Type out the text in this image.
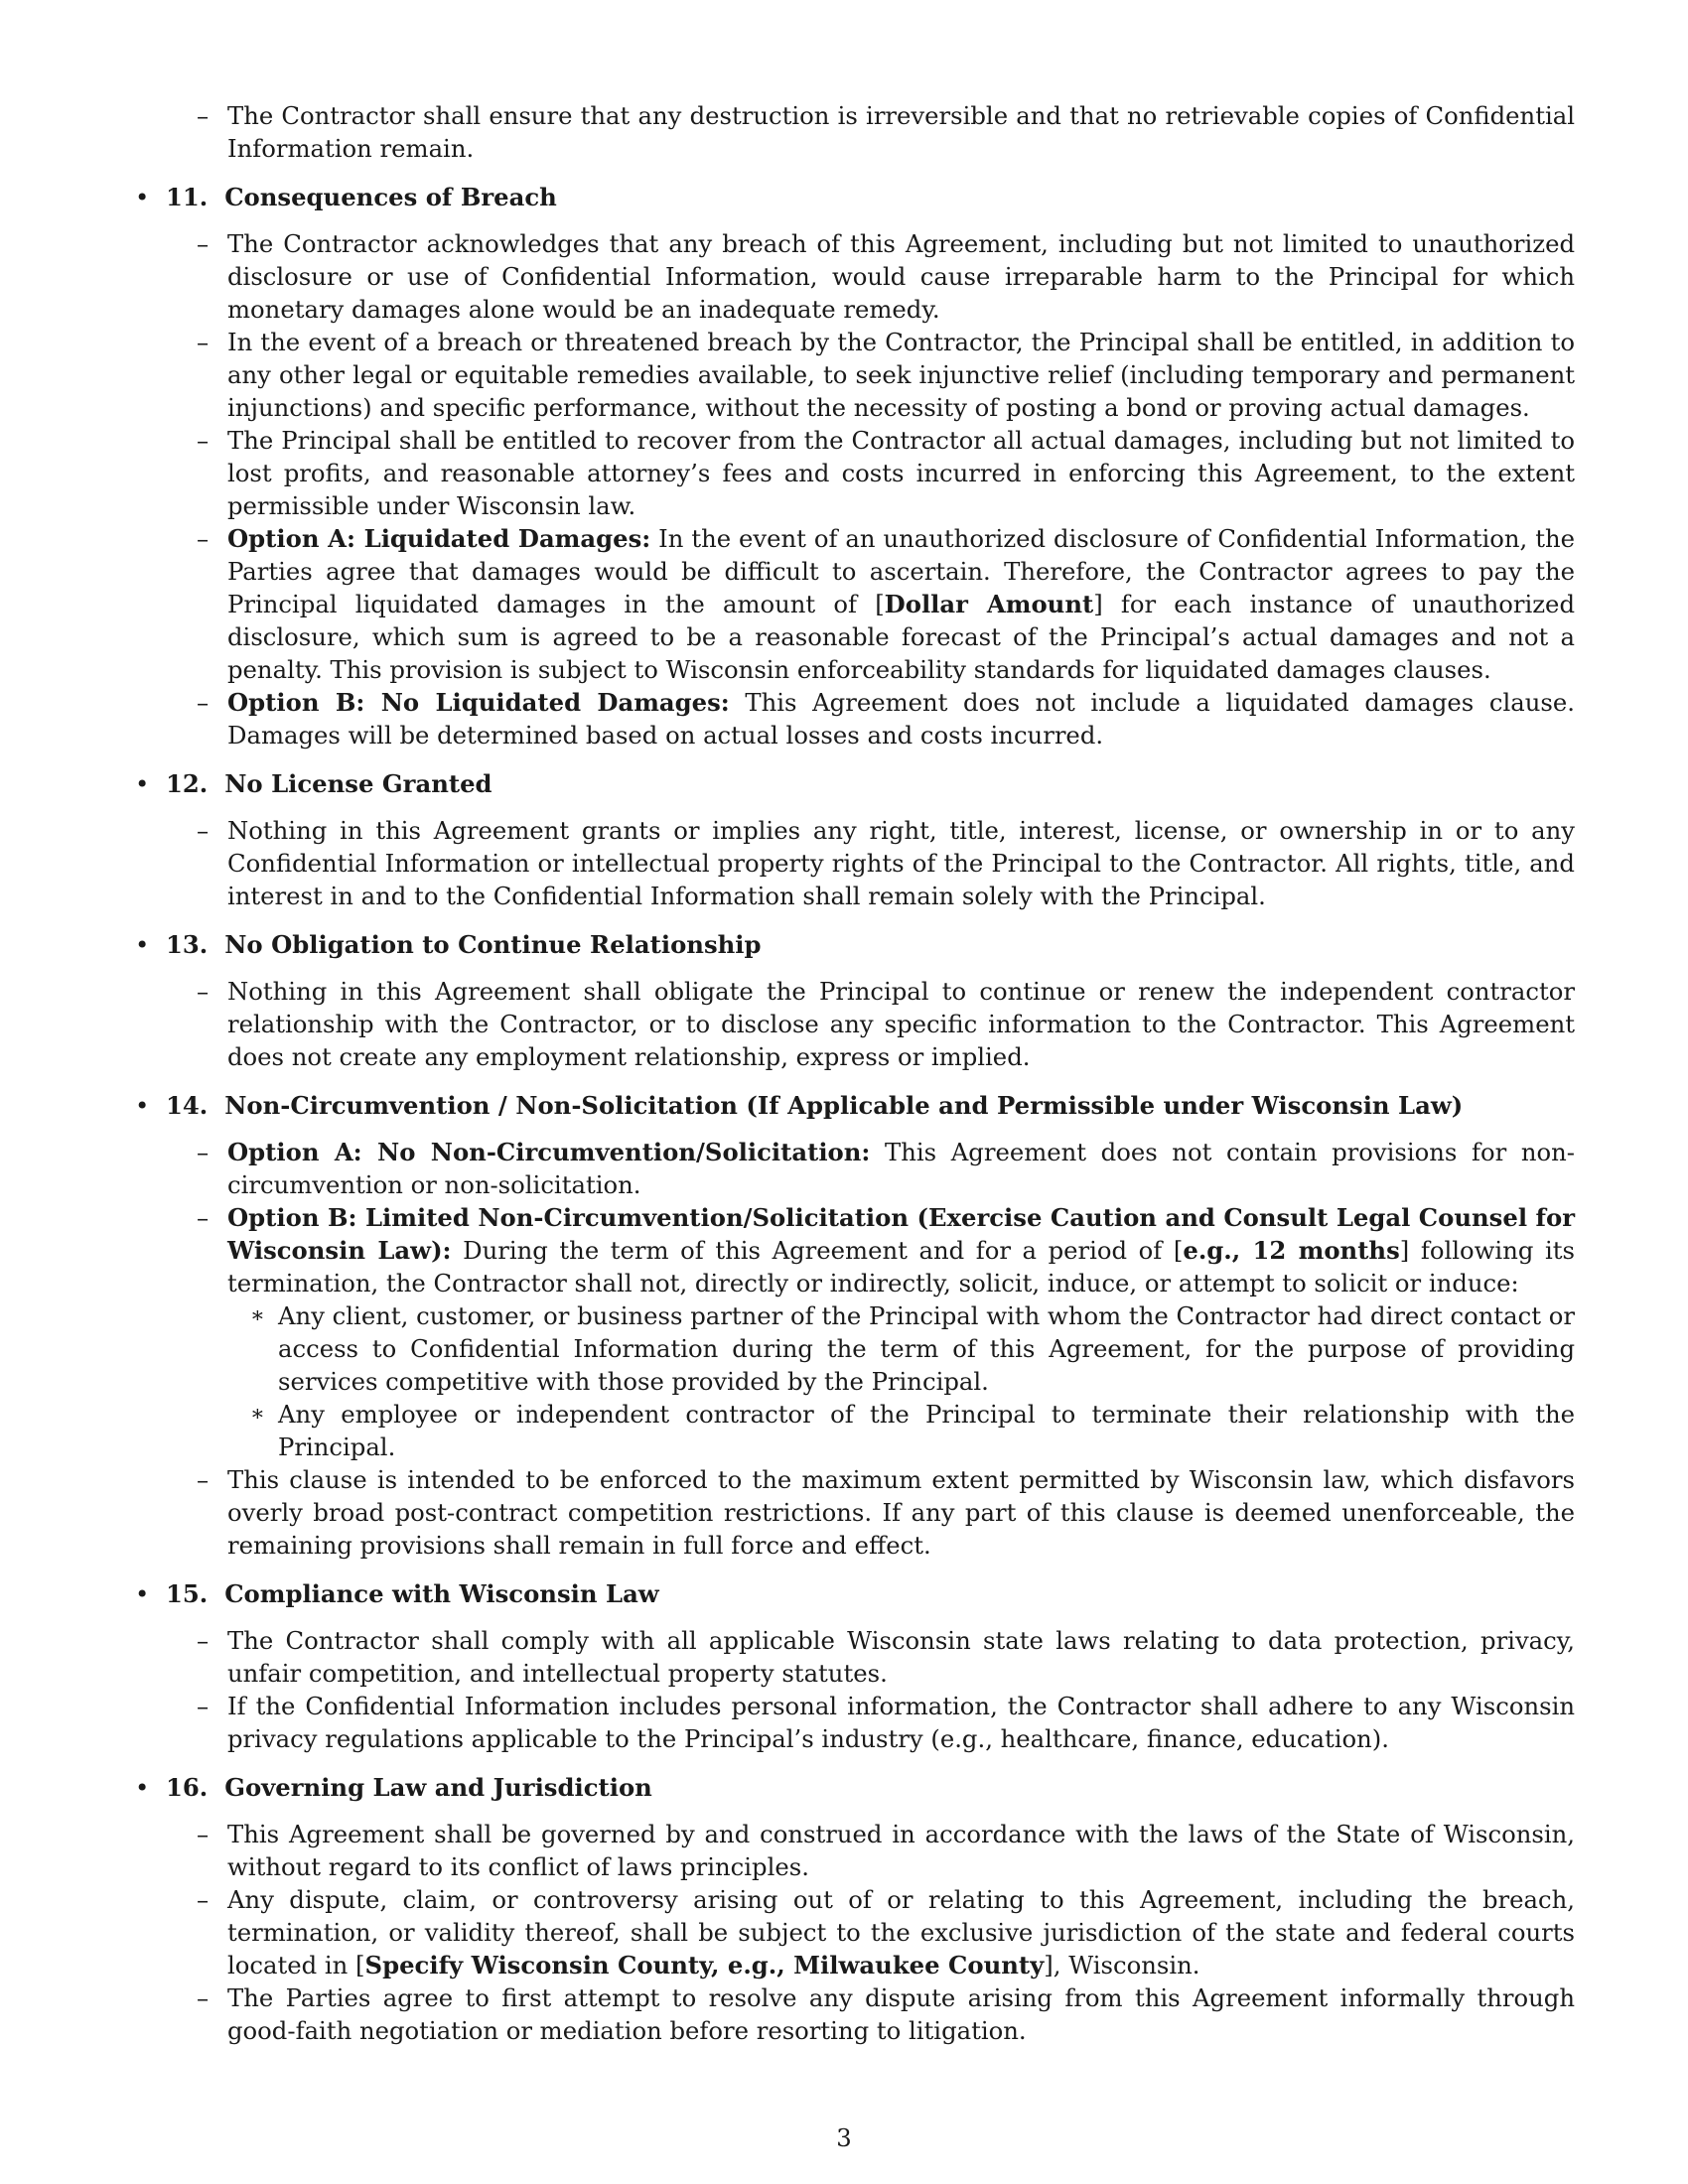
– The Contractor shall ensure that any destruction is irreversible and that no retrievable copies of Confidential Information remain.
• 11. Consequences of Breach
– The Contractor acknowledges that any breach of this Agreement, including but not limited to unauthorized disclosure or use of Confidential Information, would cause irreparable harm to the Principal for which monetary damages alone would be an inadequate remedy.
– In the event of a breach or threatened breach by the Contractor, the Principal shall be entitled, in addition to any other legal or equitable remedies available, to seek injunctive relief (including temporary and permanent injunctions) and specific performance, without the necessity of posting a bond or proving actual damages.
– The Principal shall be entitled to recover from the Contractor all actual damages, including but not limited to lost profits, and reasonable attorney’s fees and costs incurred in enforcing this Agreement, to the extent permissible under Wisconsin law.
– Option A: Liquidated Damages: In the event of an unauthorized disclosure of Confidential Information, the Parties agree that damages would be difficult to ascertain. Therefore, the Contractor agrees to pay the Principal liquidated damages in the amount of [Dollar Amount] for each instance of unauthorized disclosure, which sum is agreed to be a reasonable forecast of the Principal’s actual damages and not a penalty. This provision is subject to Wisconsin enforceability standards for liquidated damages clauses.
– Option B: No Liquidated Damages: This Agreement does not include a liquidated damages clause. Damages will be determined based on actual losses and costs incurred.
• 12. No License Granted
– Nothing in this Agreement grants or implies any right, title, interest, license, or ownership in or to any Confidential Information or intellectual property rights of the Principal to the Contractor. All rights, title, and interest in and to the Confidential Information shall remain solely with the Principal.
• 13. No Obligation to Continue Relationship
– Nothing in this Agreement shall obligate the Principal to continue or renew the independent contractor relationship with the Contractor, or to disclose any specific information to the Contractor. This Agreement does not create any employment relationship, express or implied.
• 14. Non-Circumvention / Non-Solicitation (If Applicable and Permissible under Wisconsin Law)
– Option A: No Non-Circumvention/Solicitation: This Agreement does not contain provisions for non-circumvention or non-solicitation.
– Option B: Limited Non-Circumvention/Solicitation (Exercise Caution and Consult Legal Counsel for Wisconsin Law): During the term of this Agreement and for a period of [e.g., 12 months] following its termination, the Contractor shall not, directly or indirectly, solicit, induce, or attempt to solicit or induce:
∗ Any client, customer, or business partner of the Principal with whom the Contractor had direct contact or access to Confidential Information during the term of this Agreement, for the purpose of providing services competitive with those provided by the Principal.
∗ Any employee or independent contractor of the Principal to terminate their relationship with the Principal.
– This clause is intended to be enforced to the maximum extent permitted by Wisconsin law, which disfavors overly broad post-contract competition restrictions. If any part of this clause is deemed unenforceable, the remaining provisions shall remain in full force and effect.
• 15. Compliance with Wisconsin Law
– The Contractor shall comply with all applicable Wisconsin state laws relating to data protection, privacy, unfair competition, and intellectual property statutes.
– If the Confidential Information includes personal information, the Contractor shall adhere to any Wisconsin privacy regulations applicable to the Principal’s industry (e.g., healthcare, finance, education).
• 16. Governing Law and Jurisdiction
– This Agreement shall be governed by and construed in accordance with the laws of the State of Wisconsin, without regard to its conflict of laws principles.
– Any dispute, claim, or controversy arising out of or relating to this Agreement, including the breach, termination, or validity thereof, shall be subject to the exclusive jurisdiction of the state and federal courts located in [Specify Wisconsin County, e.g., Milwaukee County], Wisconsin.
– The Parties agree to first attempt to resolve any dispute arising from this Agreement informally through good-faith negotiation or mediation before resorting to litigation.
3
